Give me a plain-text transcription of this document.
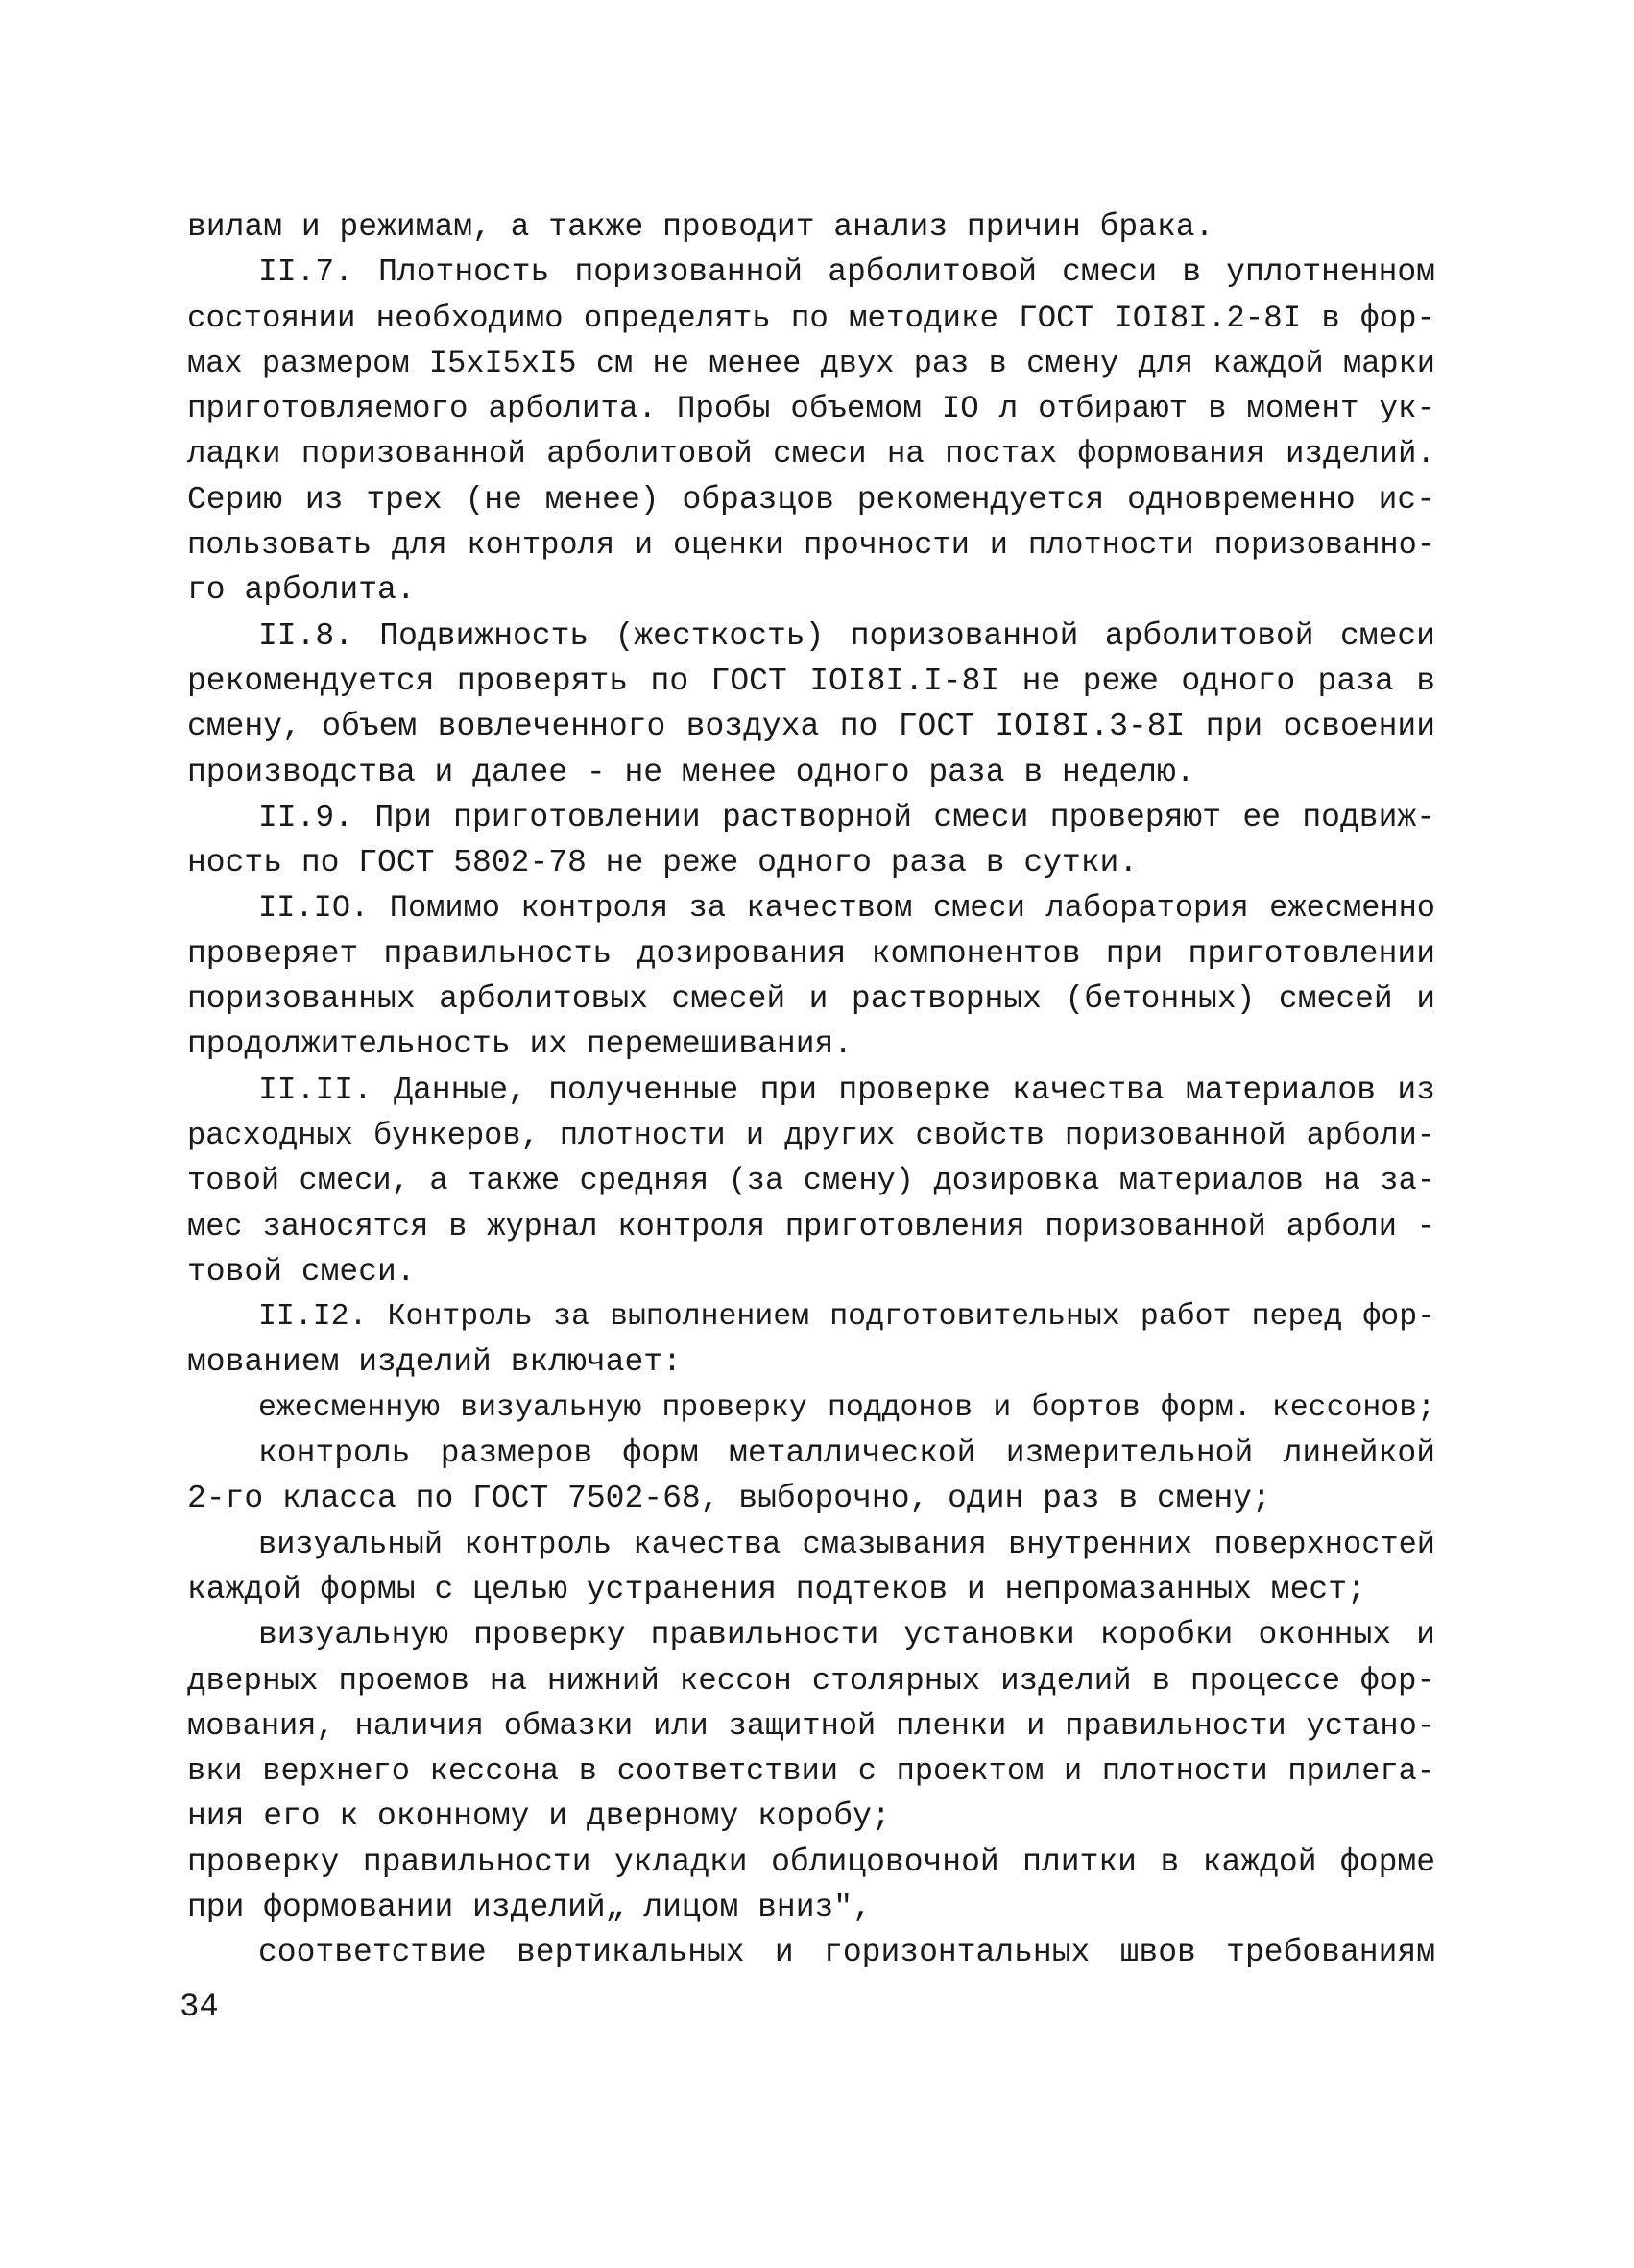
вилам и режимам, а также проводит анализ причин брака.
II.7. Плотность поризованной арболитовой смеси в уплотненном
состоянии необходимо определять по методике ГОСТ IOI8I.2-8I в фор-
мах размером I5xI5xI5 см не менее двух раз в смену для каждой марки
приготовляемого арболита. Пробы объемом IO л отбирают в момент ук-
ладки поризованной арболитовой смеси на постах формования изделий.
Серию из трех (не менее) образцов рекомендуется одновременно ис-
пользовать для контроля и оценки прочности и плотности поризованно-
го арболита.
II.8. Подвижность (жесткость) поризованной арболитовой смеси
рекомендуется проверять по ГОСТ IOI8I.I-8I не реже одного раза в
смену, объем вовлеченного воздуха по ГОСТ IOI8I.3-8I при освоении
производства и далее - не менее одного раза в неделю.
II.9. При приготовлении растворной смеси проверяют ее подвиж-
ность по ГОСТ 5802-78 не реже одного раза в сутки.
II.IO. Помимо контроля за качеством смеси лаборатория ежесменно
проверяет правильность дозирования компонентов при приготовлении
поризованных арболитовых смесей и растворных (бетонных) смесей и
продолжительность их перемешивания.
II.II. Данные, полученные при проверке качества материалов из
расходных бункеров, плотности и других свойств поризованной арболи-
товой смеси, а также средняя (за смену) дозировка материалов на за-
мес заносятся в журнал контроля приготовления поризованной арболи -
товой смеси.
II.I2. Контроль за выполнением подготовительных работ перед фор-
мованием изделий включает:
ежесменную визуальную проверку поддонов и бортов форм. кессонов;
контроль размеров форм металлической измерительной линейкой
2-го класса по ГОСТ 7502-68, выборочно, один раз в смену;
визуальный контроль качества смазывания внутренних поверхностей
каждой формы с целью устранения подтеков и непромазанных мест;
визуальную проверку правильности установки коробки оконных и
дверных проемов на нижний кессон столярных изделий в процессе фор-
мования, наличия обмазки или защитной пленки и правильности устано-
вки верхнего кессона в соответствии с проектом и плотности прилега-
ния его к оконному и дверному коробу;
проверку правильности укладки облицовочной плитки в каждой форме
при формовании изделий„ лицом вниз",
соответствие вертикальных и горизонтальных швов требованиям
34
